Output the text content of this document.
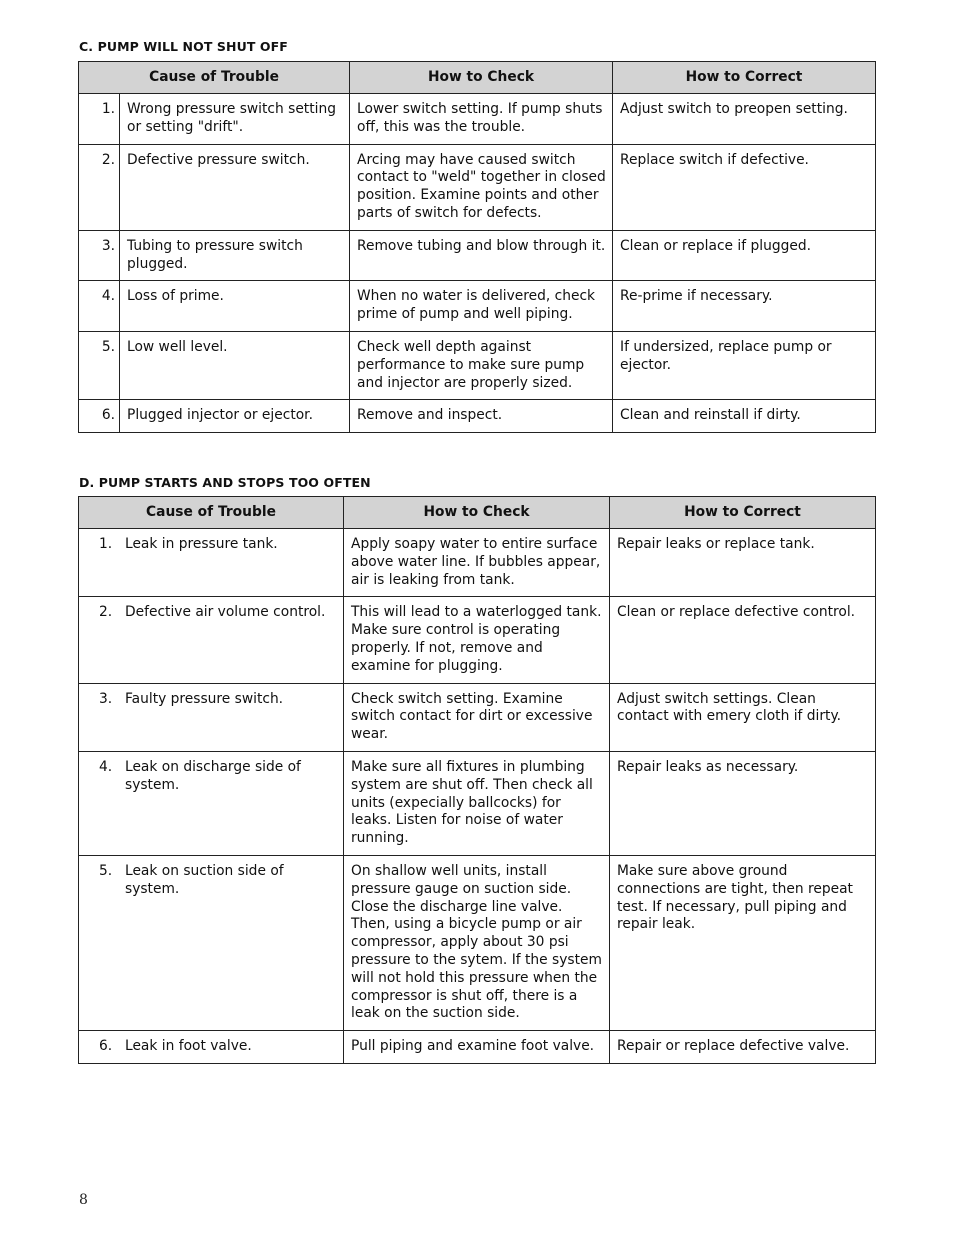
C. PUMP WILL NOT SHUT OFF
Cause of Trouble		How to Check	How to Correct
1.	Wrong pressure switch setting or setting "drift".	Lower switch setting. If pump shuts off, this was the trouble.	Adjust switch to preopen setting.
2.	Defective pressure switch.	Arcing may have caused switch contact to "weld" together in closed position. Examine points and other parts of switch for defects.	Replace switch if defective.
3.	Tubing to pressure switch plugged.	Remove tubing and blow through it.	Clean or replace if plugged.
4.	Loss of prime.	When no water is delivered, check prime of pump and well piping.	Re-prime if necessary.
5.	Low well level.	Check well depth against performance to make sure pump and injector are properly sized.	If undersized, replace pump or ejector.
6.	Plugged injector or ejector.	Remove and inspect.	Clean and reinstall if dirty.
D. PUMP STARTS AND STOPS TOO OFTEN
Cause of Trouble	How to Check	How to Correct
1. Leak in pressure tank.	Apply soapy water to entire surface above water line. If bubbles appear, air is leaking from tank.	Repair leaks or replace tank.
2. Defective air volume control.	This will lead to a waterlogged tank. Make sure control is operating properly. If not, remove and examine for plugging.	Clean or replace defective control.
3. Faulty pressure switch.	Check switch setting. Examine switch contact for dirt or excessive wear.	Adjust switch settings. Clean contact with emery cloth if dirty.
4. Leak on discharge side of system.	Make sure all fixtures in plumbing system are shut off. Then check all units (expecially ballcocks) for leaks. Listen for noise of water running.	Repair leaks as necessary.
5. Leak on suction side of system.	On shallow well units, install pressure gauge on suction side.
Close the discharge line valve. Then, using a bicycle pump or air compressor, apply about 30 psi pressure to the sytem. If the system will not hold this pressure when the compressor is shut off, there is a leak on the suction side.	Make sure above ground connections are tight, then repeat test. If necessary, pull piping and repair leak.
6. Leak in foot valve.	Pull piping and examine foot valve.	Repair or replace defective valve.
8
